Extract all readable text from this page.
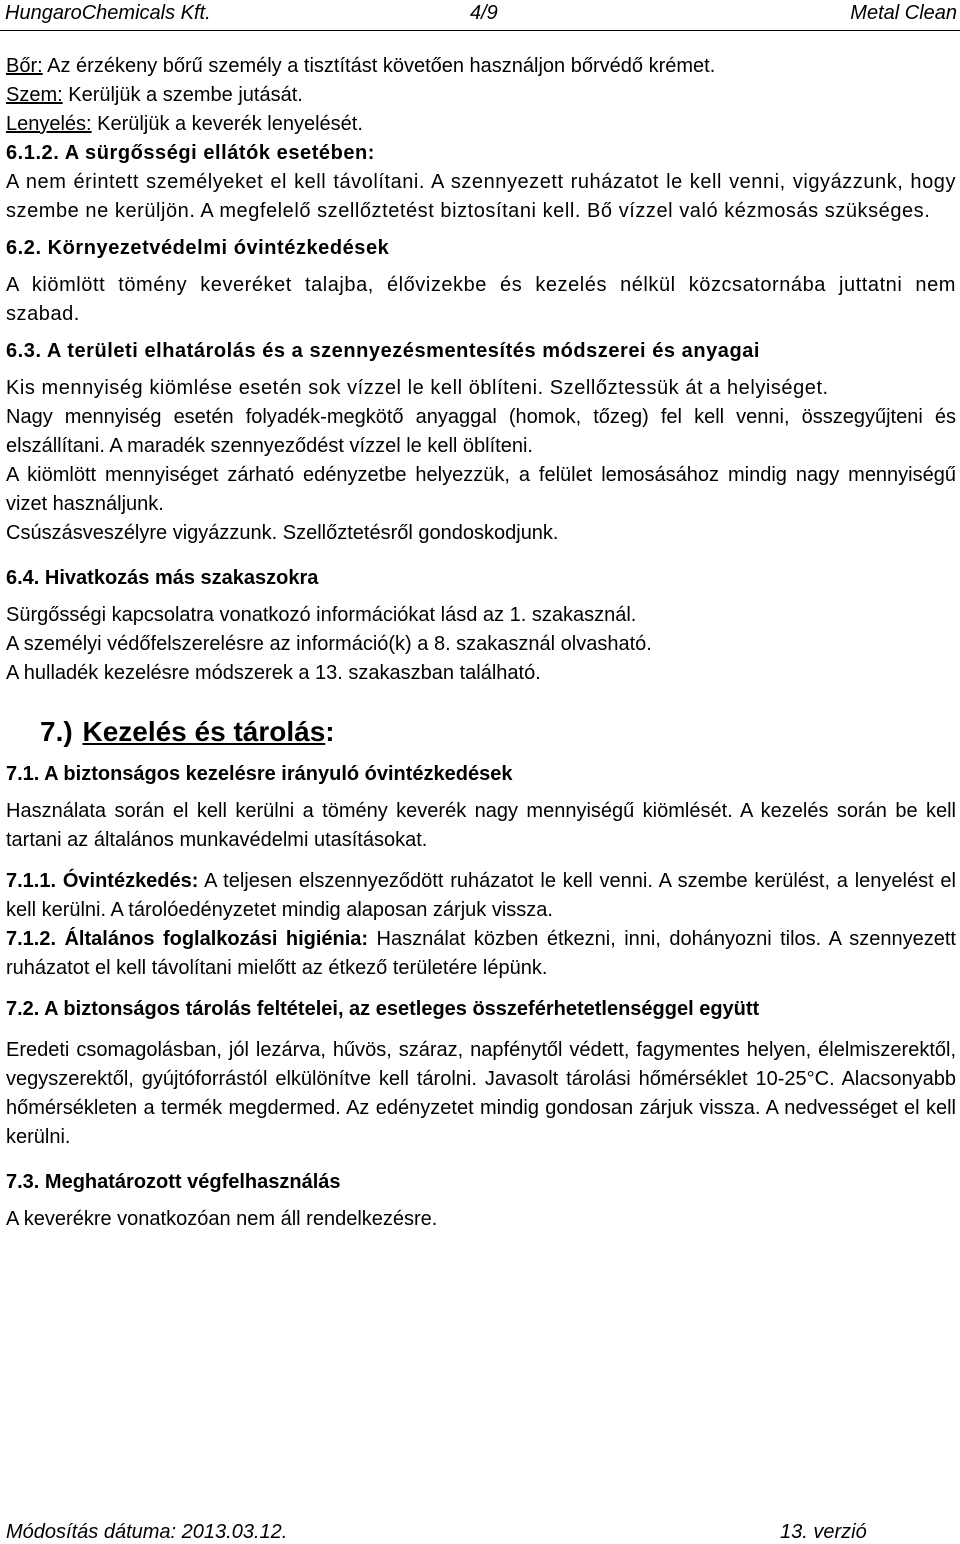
HungaroChemicals Kft.	4/9	Metal Clean

Bőr: Az érzékeny bőrű személy a tisztítást követően használjon bőrvédő krémet.

Szem: Kerüljük a szembe jutását.

Lenyelés: Kerüljük a keverék lenyelését.

6.1.2. A sürgősségi ellátók esetében:

A nem érintett személyeket el kell távolítani. A szennyezett ruházatot le kell venni, vigyázzunk, hogy szembe ne kerüljön. A megfelelő szellőztetést biztosítani kell. Bő vízzel való kézmosás szükséges.

6.2. Környezetvédelmi óvintézkedések

A kiömlött tömény keveréket talajba, élővizekbe és kezelés nélkül közcsatornába juttatni nem szabad.

6.3. A területi elhatárolás és a szennyezésmentesítés módszerei és anyagai

Kis mennyiség kiömlése esetén sok vízzel le kell öblíteni. Szellőztessük át a helyiséget.

Nagy mennyiség esetén folyadék-megkötő anyaggal (homok, tőzeg) fel kell venni, összegyűjteni és elszállítani. A maradék szennyeződést vízzel le kell öblíteni.

A kiömlött mennyiséget zárható edényzetbe helyezzük, a felület lemosásához mindig nagy mennyiségű vizet használjunk.

Csúszásveszélyre vigyázzunk. Szellőztetésről gondoskodjunk.

6.4. Hivatkozás más szakaszokra

Sürgősségi kapcsolatra vonatkozó információkat lásd az 1. szakasznál.

A személyi védőfelszerelésre az információ(k) a 8. szakasznál olvasható.

A hulladék kezelésre módszerek a 13. szakaszban található.

7.) Kezelés és tárolás:

7.1. A biztonságos kezelésre irányuló óvintézkedések

Használata során el kell kerülni a tömény keverék nagy mennyiségű kiömlését. A kezelés során be kell tartani az általános munkavédelmi utasításokat.

7.1.1. Óvintézkedés: A teljesen elszennyeződött ruházatot le kell venni. A szembe kerülést, a lenyelést el kell kerülni. A tárolóedényzetet mindig alaposan zárjuk vissza.

7.1.2. Általános foglalkozási higiénia: Használat közben étkezni, inni, dohányozni tilos. A szennyezett ruházatot el kell távolítani mielőtt az étkező területére lépünk.

7.2. A biztonságos tárolás feltételei, az esetleges összeférhetetlenséggel együtt

Eredeti csomagolásban, jól lezárva, hűvös, száraz, napfénytől védett, fagymentes helyen, élelmiszerektől, vegyszerektől, gyújtóforrástól elkülönítve kell tárolni. Javasolt tárolási hőmérséklet 10-25°C. Alacsonyabb hőmérsékleten a termék megdermed. Az edényzetet mindig gondosan zárjuk vissza. A nedvességet el kell kerülni.

7.3. Meghatározott végfelhasználás

A keverékre vonatkozóan nem áll rendelkezésre.

Módosítás dátuma: 2013.03.12.	13. verzió
